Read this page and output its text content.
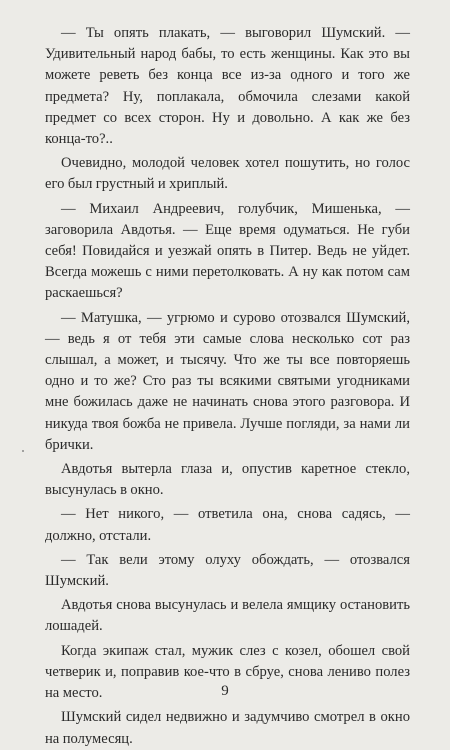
— Ты опять плакать, — выговорил Шумский. — Удивительный народ бабы, то есть женщины. Как это вы можете реветь без конца все из-за одного и того же предмета? Ну, поплакала, обмочила слезами какой предмет со всех сторон. Ну и довольно. А как же без конца-то?..

Очевидно, молодой человек хотел пошутить, но голос его был грустный и хриплый.

— Михаил Андреевич, голубчик, Мишенька, — заговорила Авдотья. — Еще время одуматься. Не губи себя! Повидайся и уезжай опять в Питер. Ведь не уйдет. Всегда можешь с ними перетолковать. А ну как потом сам раскаешься?

— Матушка, — угрюмо и сурово отозвался Шумский, — ведь я от тебя эти самые слова несколько сот раз слышал, а может, и тысячу. Что же ты все повторяешь одно и то же? Сто раз ты всякими святыми угодниками мне божилась даже не начинать снова этого разговора. И никуда твоя божба не привела. Лучше погляди, за нами ли брички.

Авдотья вытерла глаза и, опустив каретное стекло, высунулась в окно.

— Нет никого, — ответила она, снова садясь, — должно, отстали.

— Так вели этому олуху обождать, — отозвался Шумский.

Авдотья снова высунулась и велела ямщику остановить лошадей.

Когда экипаж стал, мужик слез с козел, обошел свой четверик и, поправив кое-что в сбруе, снова лениво полез на место.

Шумский сидел недвижно и задумчиво смотрел в окно на полумесяц.

9
